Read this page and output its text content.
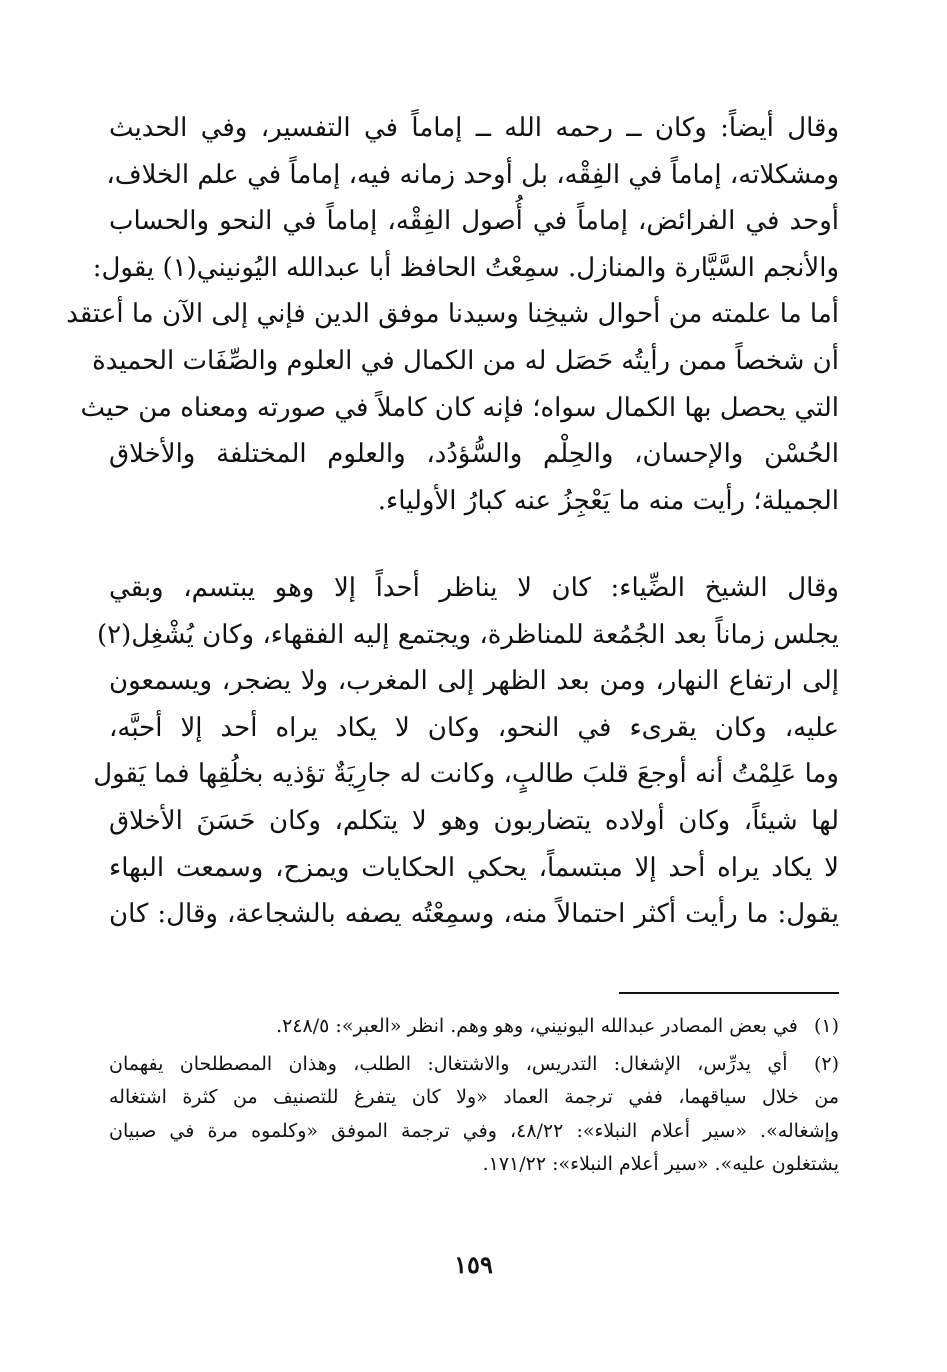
وقال أيضاً: وكان ــ رحمه الله ــ إماماً في التفسير، وفي الحديث
ومشكلاته، إماماً في الفِقْه، بل أوحد زمانه فيه، إماماً في علم الخلاف،
أوحد في الفرائض، إماماً في أُصول الفِقْه، إماماً في النحو والحساب
والأنجم السَّيَّارة والمنازل. سمِعْتُ الحافظ أبا عبدالله اليُونيني(١) يقول:
أما ما علمته من أحوال شيخِنا وسيدنا موفق الدين فإني إلى الآن ما أعتقد
أن شخصاً ممن رأيتُه حَصَل له من الكمال في العلوم والصِّفَات الحميدة
التي يحصل بها الكمال سواه؛ فإنه كان كاملاً في صورته ومعناه من حيث
الحُسْن والإحسان، والحِلْم والسُّؤدُد، والعلوم المختلفة والأخلاق
الجميلة؛ رأيت منه ما يَعْجِزُ عنه كبارُ الأولياء.
وقال الشيخ الضِّياء: كان لا يناظر أحداً إلا وهو يبتسم، وبقي
يجلس زماناً بعد الجُمُعة للمناظرة، ويجتمع إليه الفقهاء، وكان يُشْغِل(٢)
إلى ارتفاع النهار، ومن بعد الظهر إلى المغرب، ولا يضجر، ويسمعون
عليه، وكان يقرىء في النحو، وكان لا يكاد يراه أحد إلا أحبَّه،
وما عَلِمْتُ أنه أوجعَ قلبَ طالبٍ، وكانت له جارِيَةٌ تؤذيه بخلُقِها فما يَقول
لها شيئاً، وكان أولاده يتضاربون وهو لا يتكلم، وكان حَسَنَ الأخلاق
لا يكاد يراه أحد إلا مبتسماً، يحكي الحكايات ويمزح، وسمعت البهاء
يقول: ما رأيت أكثر احتمالاً منه، وسمِعْتُه يصفه بالشجاعة، وقال: كان

(١) في بعض المصادر عبدالله اليونيني، وهو وهم. انظر «العبر»: ٢٤٨/٥.

(٢) أي يدرِّس، الإشغال: التدريس، والاشتغال: الطلب، وهذان المصطلحان يفهمان

من خلال سياقهما، ففي ترجمة العماد «ولا كان يتفرغ للتصنيف من كثرة اشتغاله

وإشغاله». «سير أعلام النبلاء»: ٤٨/٢٢، وفي ترجمة الموفق «وكلموه مرة في صبيان

يشتغلون عليه». «سير أعلام النبلاء»: ١٧١/٢٢.

١٥٩
